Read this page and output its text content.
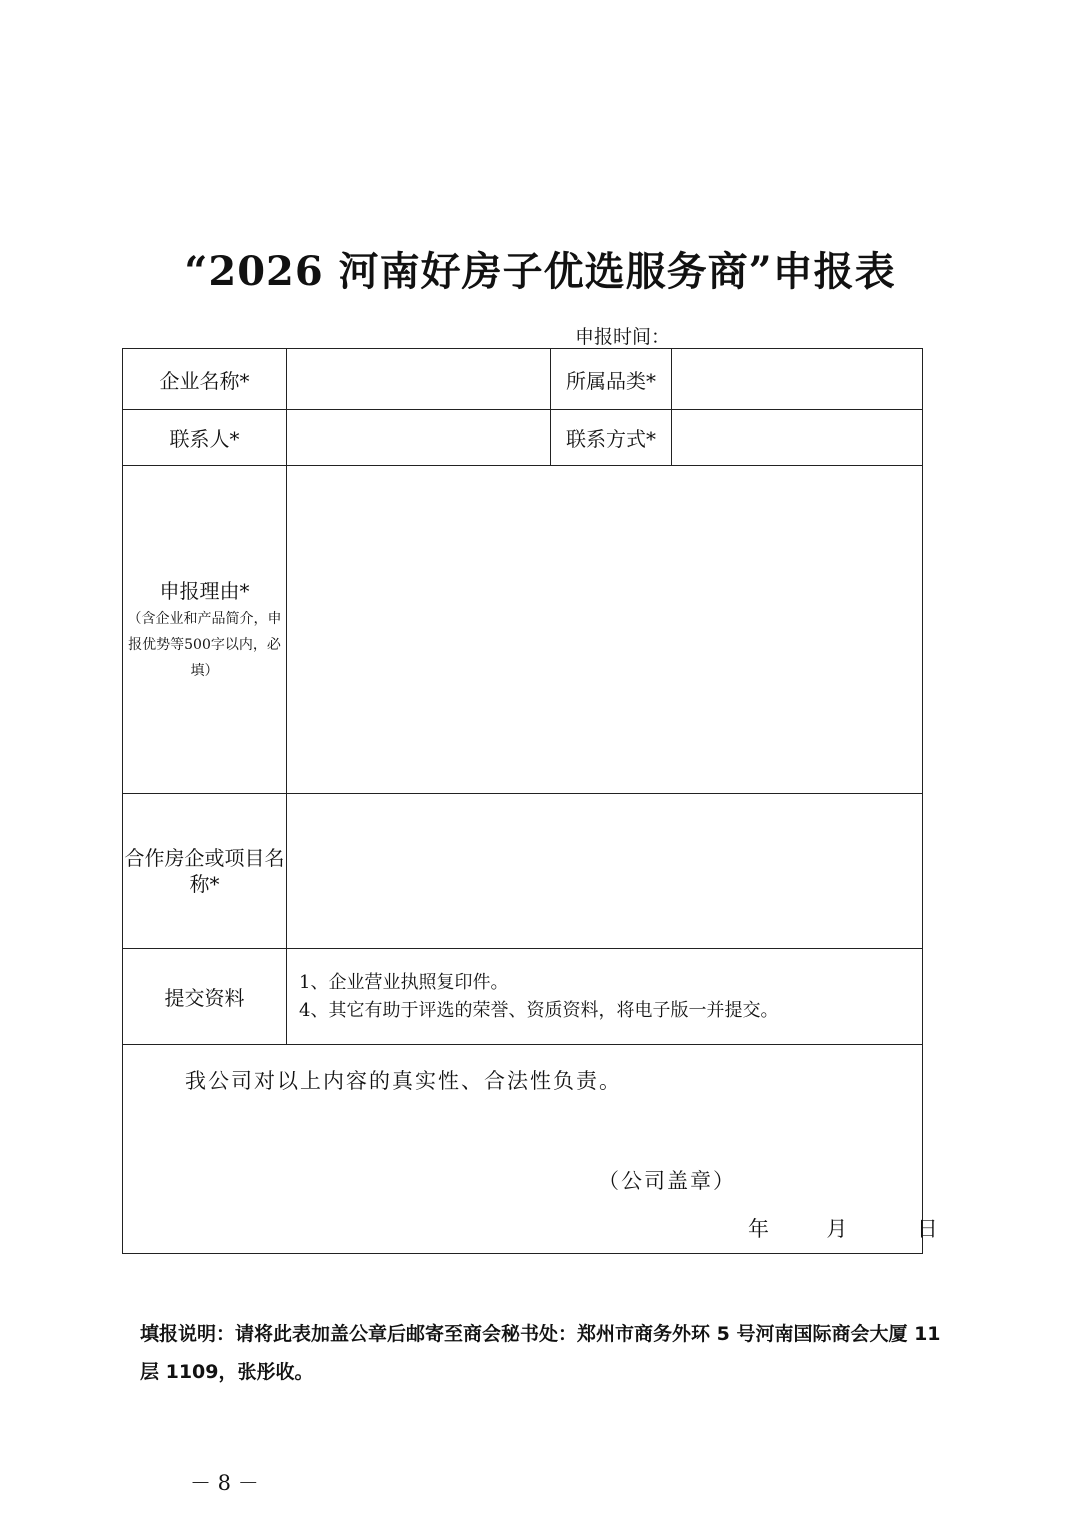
“2026 河南好房子优选服务商”申报表
申报时间：
企业名称*		所属品类*	
联系人*		联系方式*	

申报理由*
（含企业和产品简介，申报优势等500字以内，必填）			

合作房企或项目名称*			
提交资料	1、企业营业执照复印件。
4、其它有助于评选的荣誉、资质资料，将电子版一并提交。		

我公司对以上内容的真实性、合法性负责。
（公司盖章）
年 月 日			
填报说明：请将此表加盖公章后邮寄至商会秘书处：郑州市商务外环 5 号河南国际商会大厦 11 层 1109，张彤收。
－ 8 －
